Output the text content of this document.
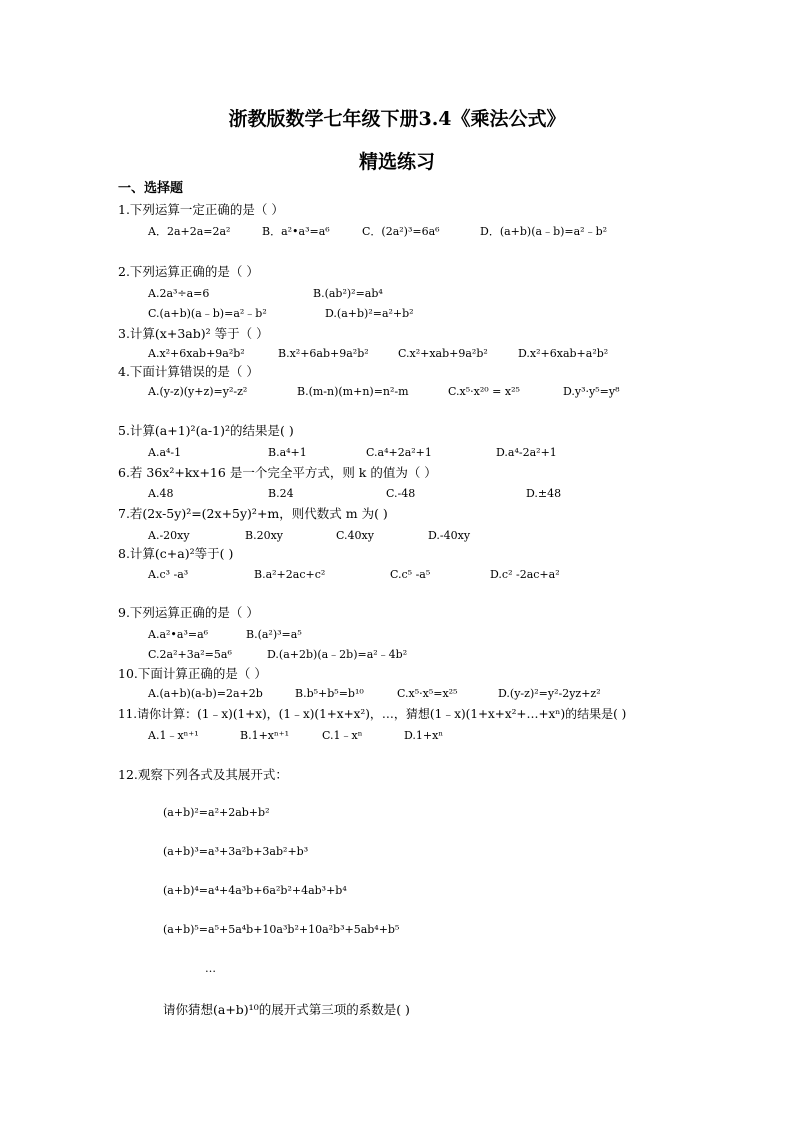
浙教版数学七年级下册3.4《乘法公式》
精选练习
一、选择题
1.下列运算一定正确的是（ ）
A．2a+2a=2a²	B．a²•a³=a⁶	C．(2a²)³=6a⁶	D．(a+b)(a﹣b)=a²﹣b²
2.下列运算正确的是（ ）
A.2a³÷a=6	B.(ab²)²=ab⁴
C.(a+b)(a﹣b)=a²﹣b²	D.(a+b)²=a²+b²
3.计算(x+3ab)² 等于（ ）
A.x²+6xab+9a²b²	B.x²+6ab+9a²b²	C.x²+xab+9a²b²	D.x²+6xab+a²b²
4.下面计算错误的是（ ）
A.(y-z)(y+z)=y²-z²	B.(m-n)(m+n)=n²-m	C.x⁵·x²⁰ = x²⁵	D.y³·y⁵=y⁸
5.计算(a+1)²(a-1)²的结果是( )
A.a⁴-1	B.a⁴+1	C.a⁴+2a²+1	D.a⁴-2a²+1
6.若 36x²+kx+16 是一个完全平方式，则 k 的值为（ ）
A.48	B.24	C.-48	D.±48
7.若(2x-5y)²=(2x+5y)²+m，则代数式 m 为( )
A.-20xy	B.20xy	C.40xy	D.-40xy
8.计算(c+a)²等于( )
A.c³ -a³	B.a²+2ac+c²	C.c⁵ -a⁵	D.c² -2ac+a²
9.下列运算正确的是（ ）
A.a²•a³=a⁶	B.(a²)³=a⁵
C.2a²+3a²=5a⁶	D.(a+2b)(a﹣2b)=a²﹣4b²
10.下面计算正确的是（ ）
A.(a+b)(a-b)=2a+2b	B.b⁵+b⁵=b¹⁰	C.x⁵·x⁵=x²⁵	D.(y-z)²=y²-2yz+z²
11.请你计算：(1﹣x)(1+x)，(1﹣x)(1+x+x²)，…，猜想(1﹣x)(1+x+x²+…+xⁿ)的结果是( )
A.1﹣xⁿ⁺¹	B.1+xⁿ⁺¹	C.1﹣xⁿ	D.1+xⁿ
12.观察下列各式及其展开式：
(a+b)²=a²+2ab+b²
(a+b)³=a³+3a²b+3ab²+b³
(a+b)⁴=a⁴+4a³b+6a²b²+4ab³+b⁴
(a+b)⁵=a⁵+5a⁴b+10a³b²+10a²b³+5ab⁴+b⁵
…
请你猜想(a+b)¹⁰的展开式第三项的系数是( )
